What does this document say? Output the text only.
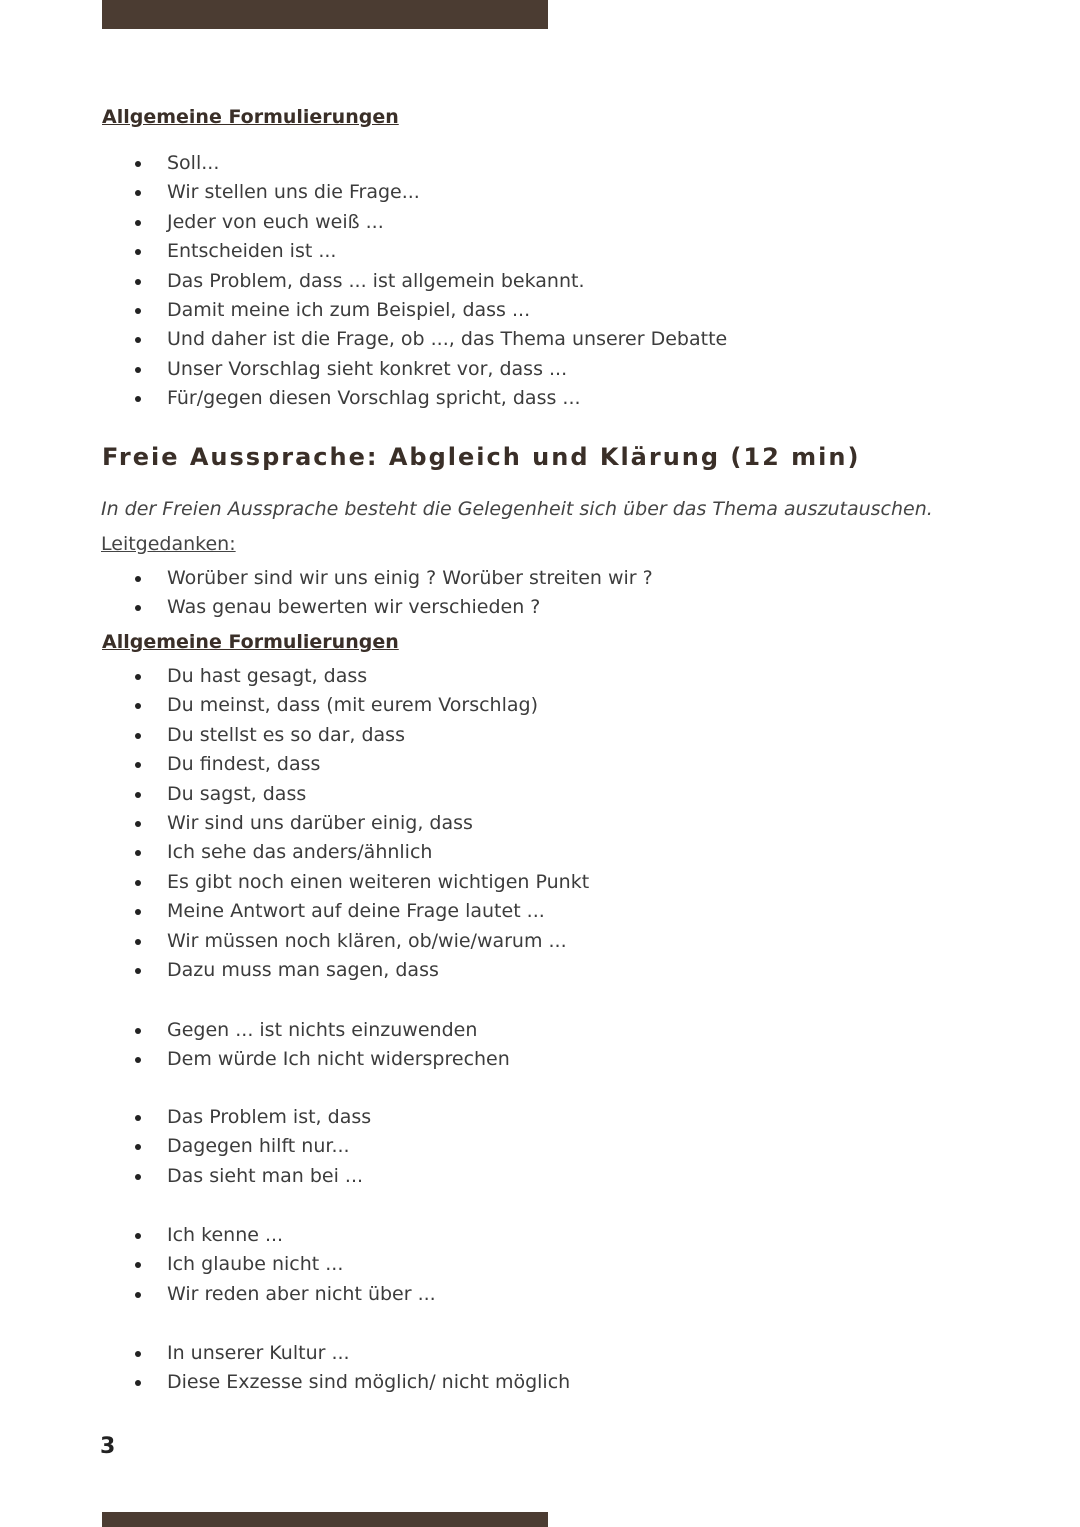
Allgemeine Formulierungen
Soll...
Wir stellen uns die Frage...
Jeder von euch weiß ...
Entscheiden ist ...
Das Problem, dass ... ist allgemein bekannt.
Damit meine ich zum Beispiel, dass ...
Und daher ist die Frage, ob ..., das Thema unserer Debatte
Unser Vorschlag sieht konkret vor, dass ...
Für/gegen diesen Vorschlag spricht, dass ...
Freie Aussprache: Abgleich und Klärung (12 min)

In der Freien Aussprache besteht die Gelegenheit sich über das Thema auszutauschen.

Leitgedanken:

Worüber sind wir uns einig ? Worüber streiten wir ?
Was genau bewerten wir verschieden ?
Allgemeine Formulierungen
Du hast gesagt, dass
Du meinst, dass (mit eurem Vorschlag)
Du stellst es so dar, dass
Du findest, dass
Du sagst, dass
Wir sind uns darüber einig, dass
Ich sehe das anders/ähnlich
Es gibt noch einen weiteren wichtigen Punkt
Meine Antwort auf deine Frage lautet ...
Wir müssen noch klären, ob/wie/warum ...
Dazu muss man sagen, dass
Gegen ... ist nichts einzuwenden
Dem würde Ich nicht widersprechen
Das Problem ist, dass
Dagegen hilft nur...
Das sieht man bei ...
Ich kenne ...
Ich glaube nicht ...
Wir reden aber nicht über ...
In unserer Kultur ...
Diese Exzesse sind möglich/ nicht möglich

3
